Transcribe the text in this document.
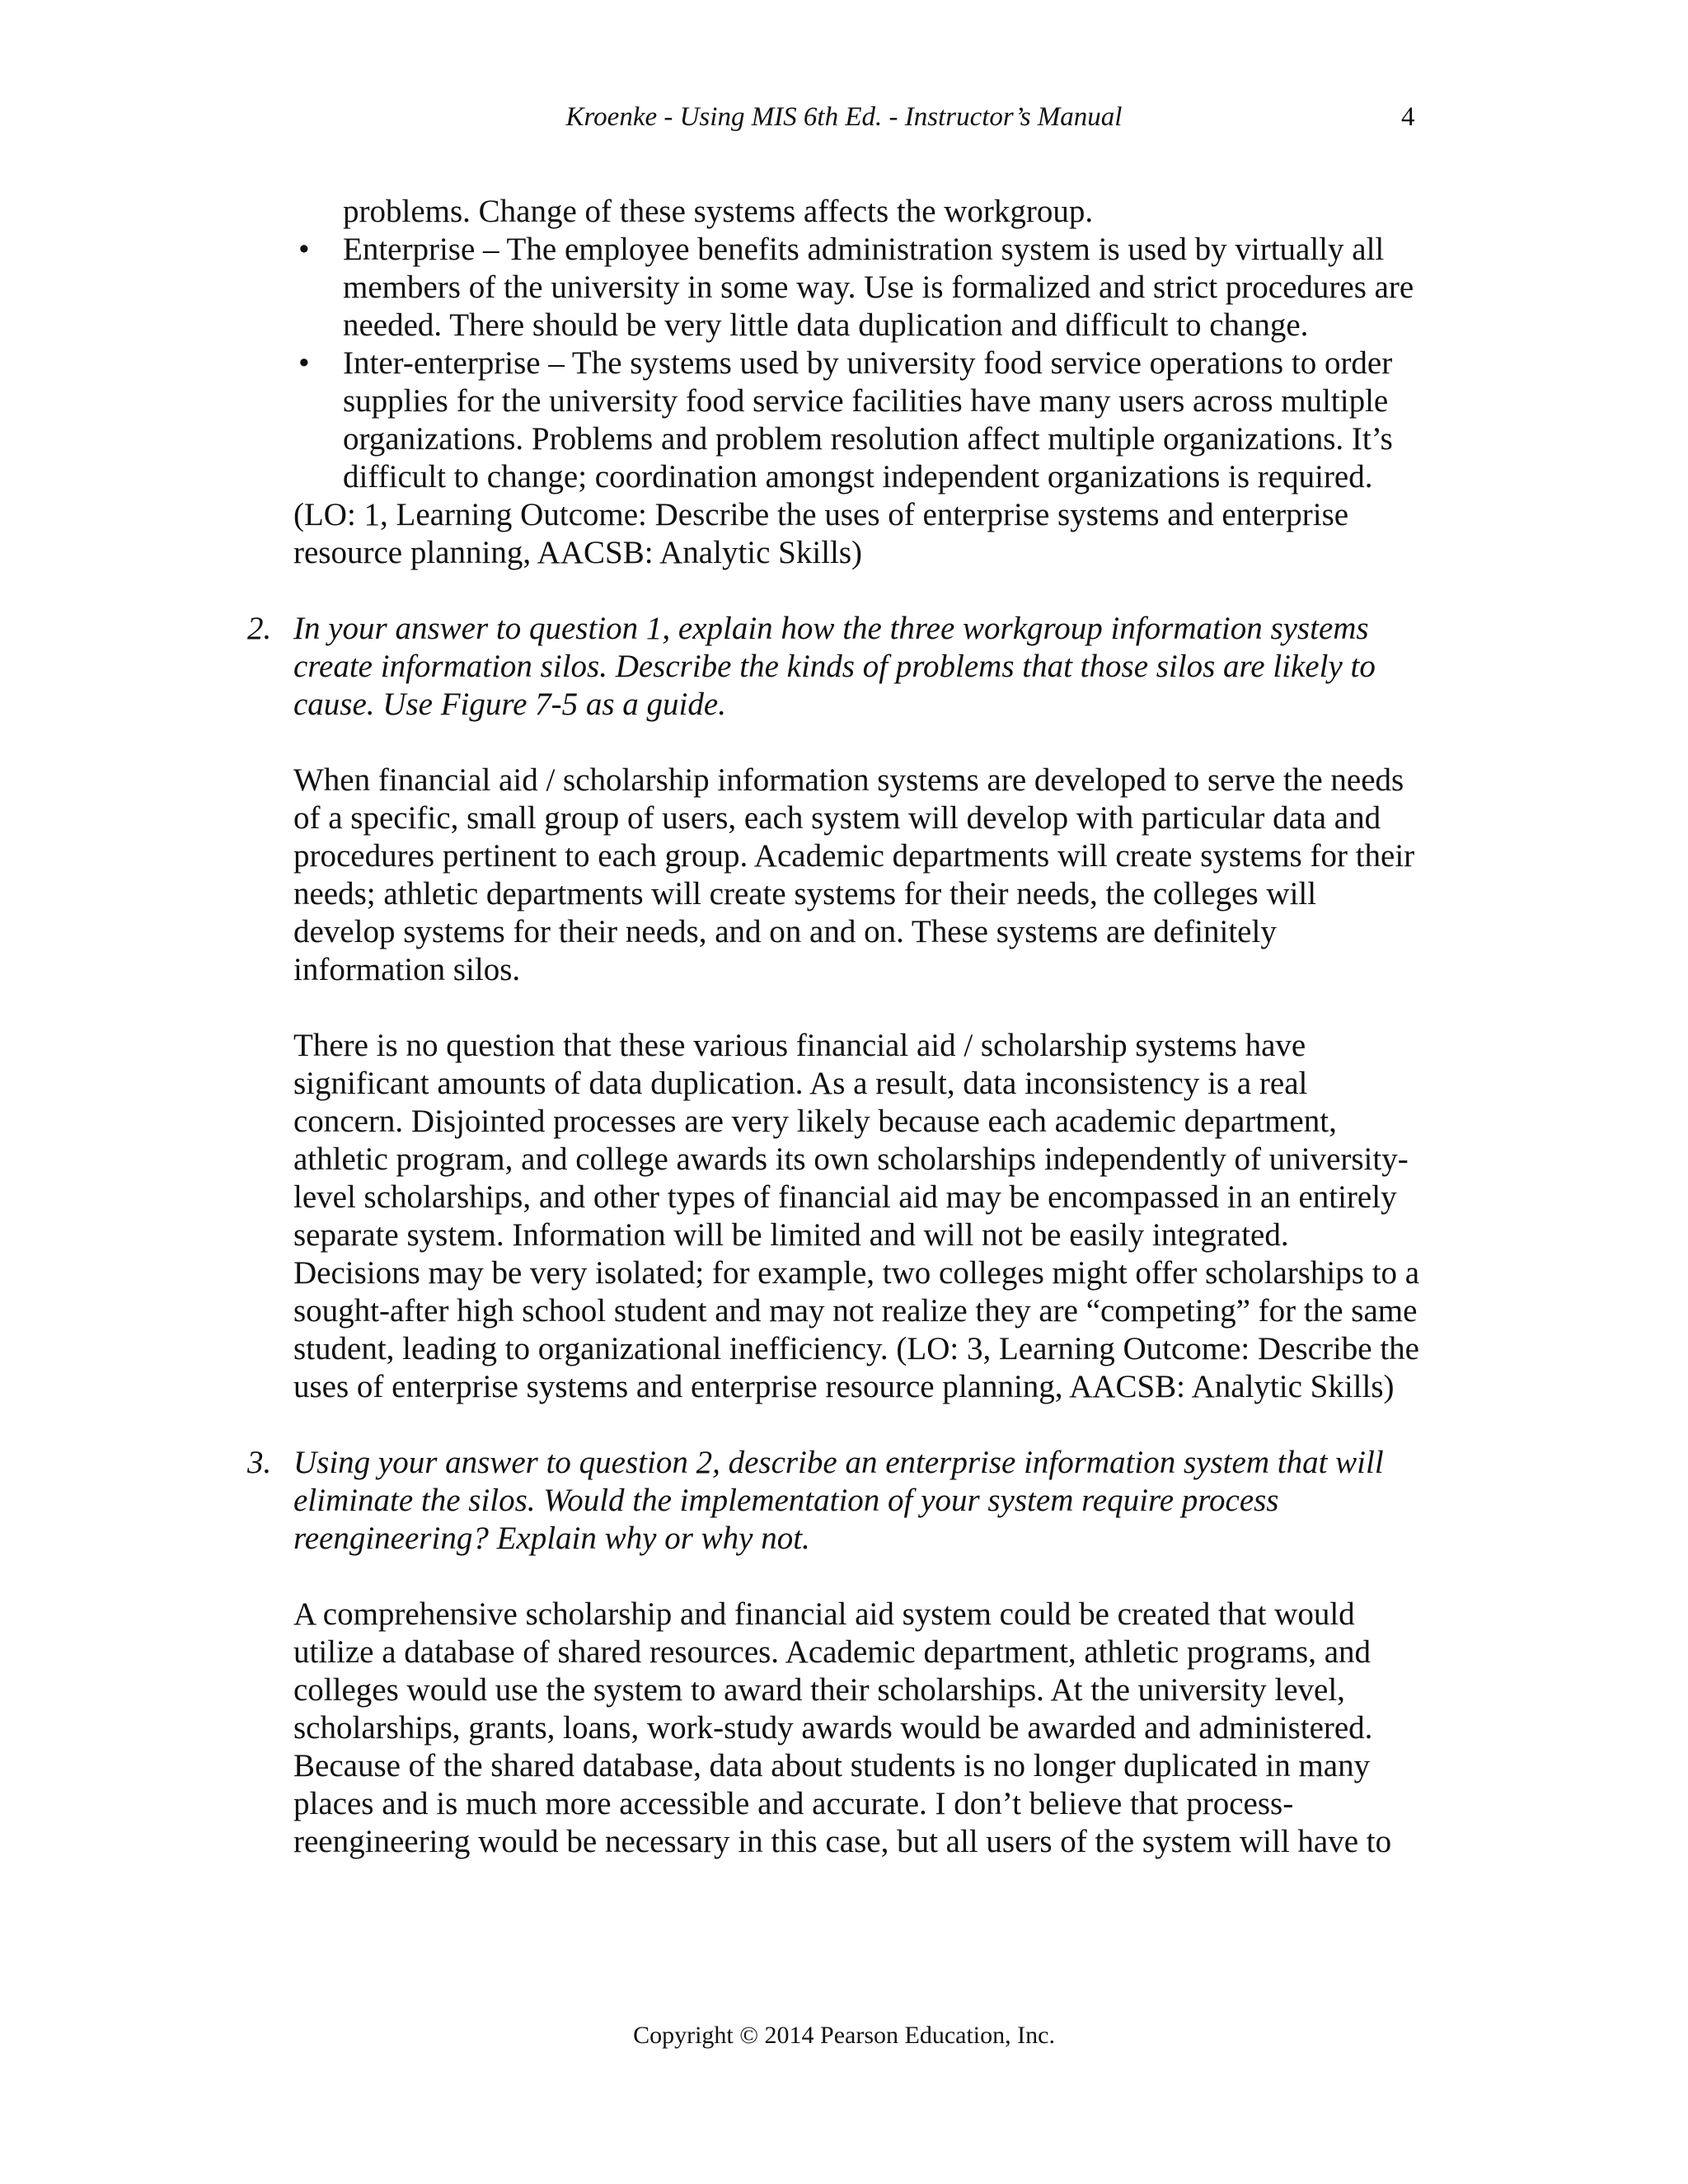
Kroenke - Using MIS 6th Ed. - Instructor’s Manual	4

problems. Change of these systems affects the workgroup.

• Enterprise – The employee benefits administration system is used by virtually all members of the university in some way. Use is formalized and strict procedures are needed. There should be very little data duplication and difficult to change.
• Inter-enterprise – The systems used by university food service operations to order supplies for the university food service facilities have many users across multiple organizations. Problems and problem resolution affect multiple organizations. It’s difficult to change; coordination amongst independent organizations is required.

(LO: 1, Learning Outcome: Describe the uses of enterprise systems and enterprise resource planning, AACSB: Analytic Skills)

2. In your answer to question 1, explain how the three workgroup information systems create information silos. Describe the kinds of problems that those silos are likely to cause. Use Figure 7-5 as a guide.

When financial aid / scholarship information systems are developed to serve the needs of a specific, small group of users, each system will develop with particular data and procedures pertinent to each group. Academic departments will create systems for their needs; athletic departments will create systems for their needs, the colleges will develop systems for their needs, and on and on. These systems are definitely information silos.

There is no question that these various financial aid / scholarship systems have significant amounts of data duplication. As a result, data inconsistency is a real concern. Disjointed processes are very likely because each academic department, athletic program, and college awards its own scholarships independently of university-level scholarships, and other types of financial aid may be encompassed in an entirely separate system. Information will be limited and will not be easily integrated. Decisions may be very isolated; for example, two colleges might offer scholarships to a sought-after high school student and may not realize they are “competing” for the same student, leading to organizational inefficiency. (LO: 3, Learning Outcome: Describe the uses of enterprise systems and enterprise resource planning, AACSB: Analytic Skills)

3. Using your answer to question 2, describe an enterprise information system that will eliminate the silos. Would the implementation of your system require process reengineering? Explain why or why not.

A comprehensive scholarship and financial aid system could be created that would utilize a database of shared resources. Academic department, athletic programs, and colleges would use the system to award their scholarships. At the university level, scholarships, grants, loans, work-study awards would be awarded and administered. Because of the shared database, data about students is no longer duplicated in many places and is much more accessible and accurate. I don’t believe that process-reengineering would be necessary in this case, but all users of the system will have to

Copyright © 2014 Pearson Education, Inc.
